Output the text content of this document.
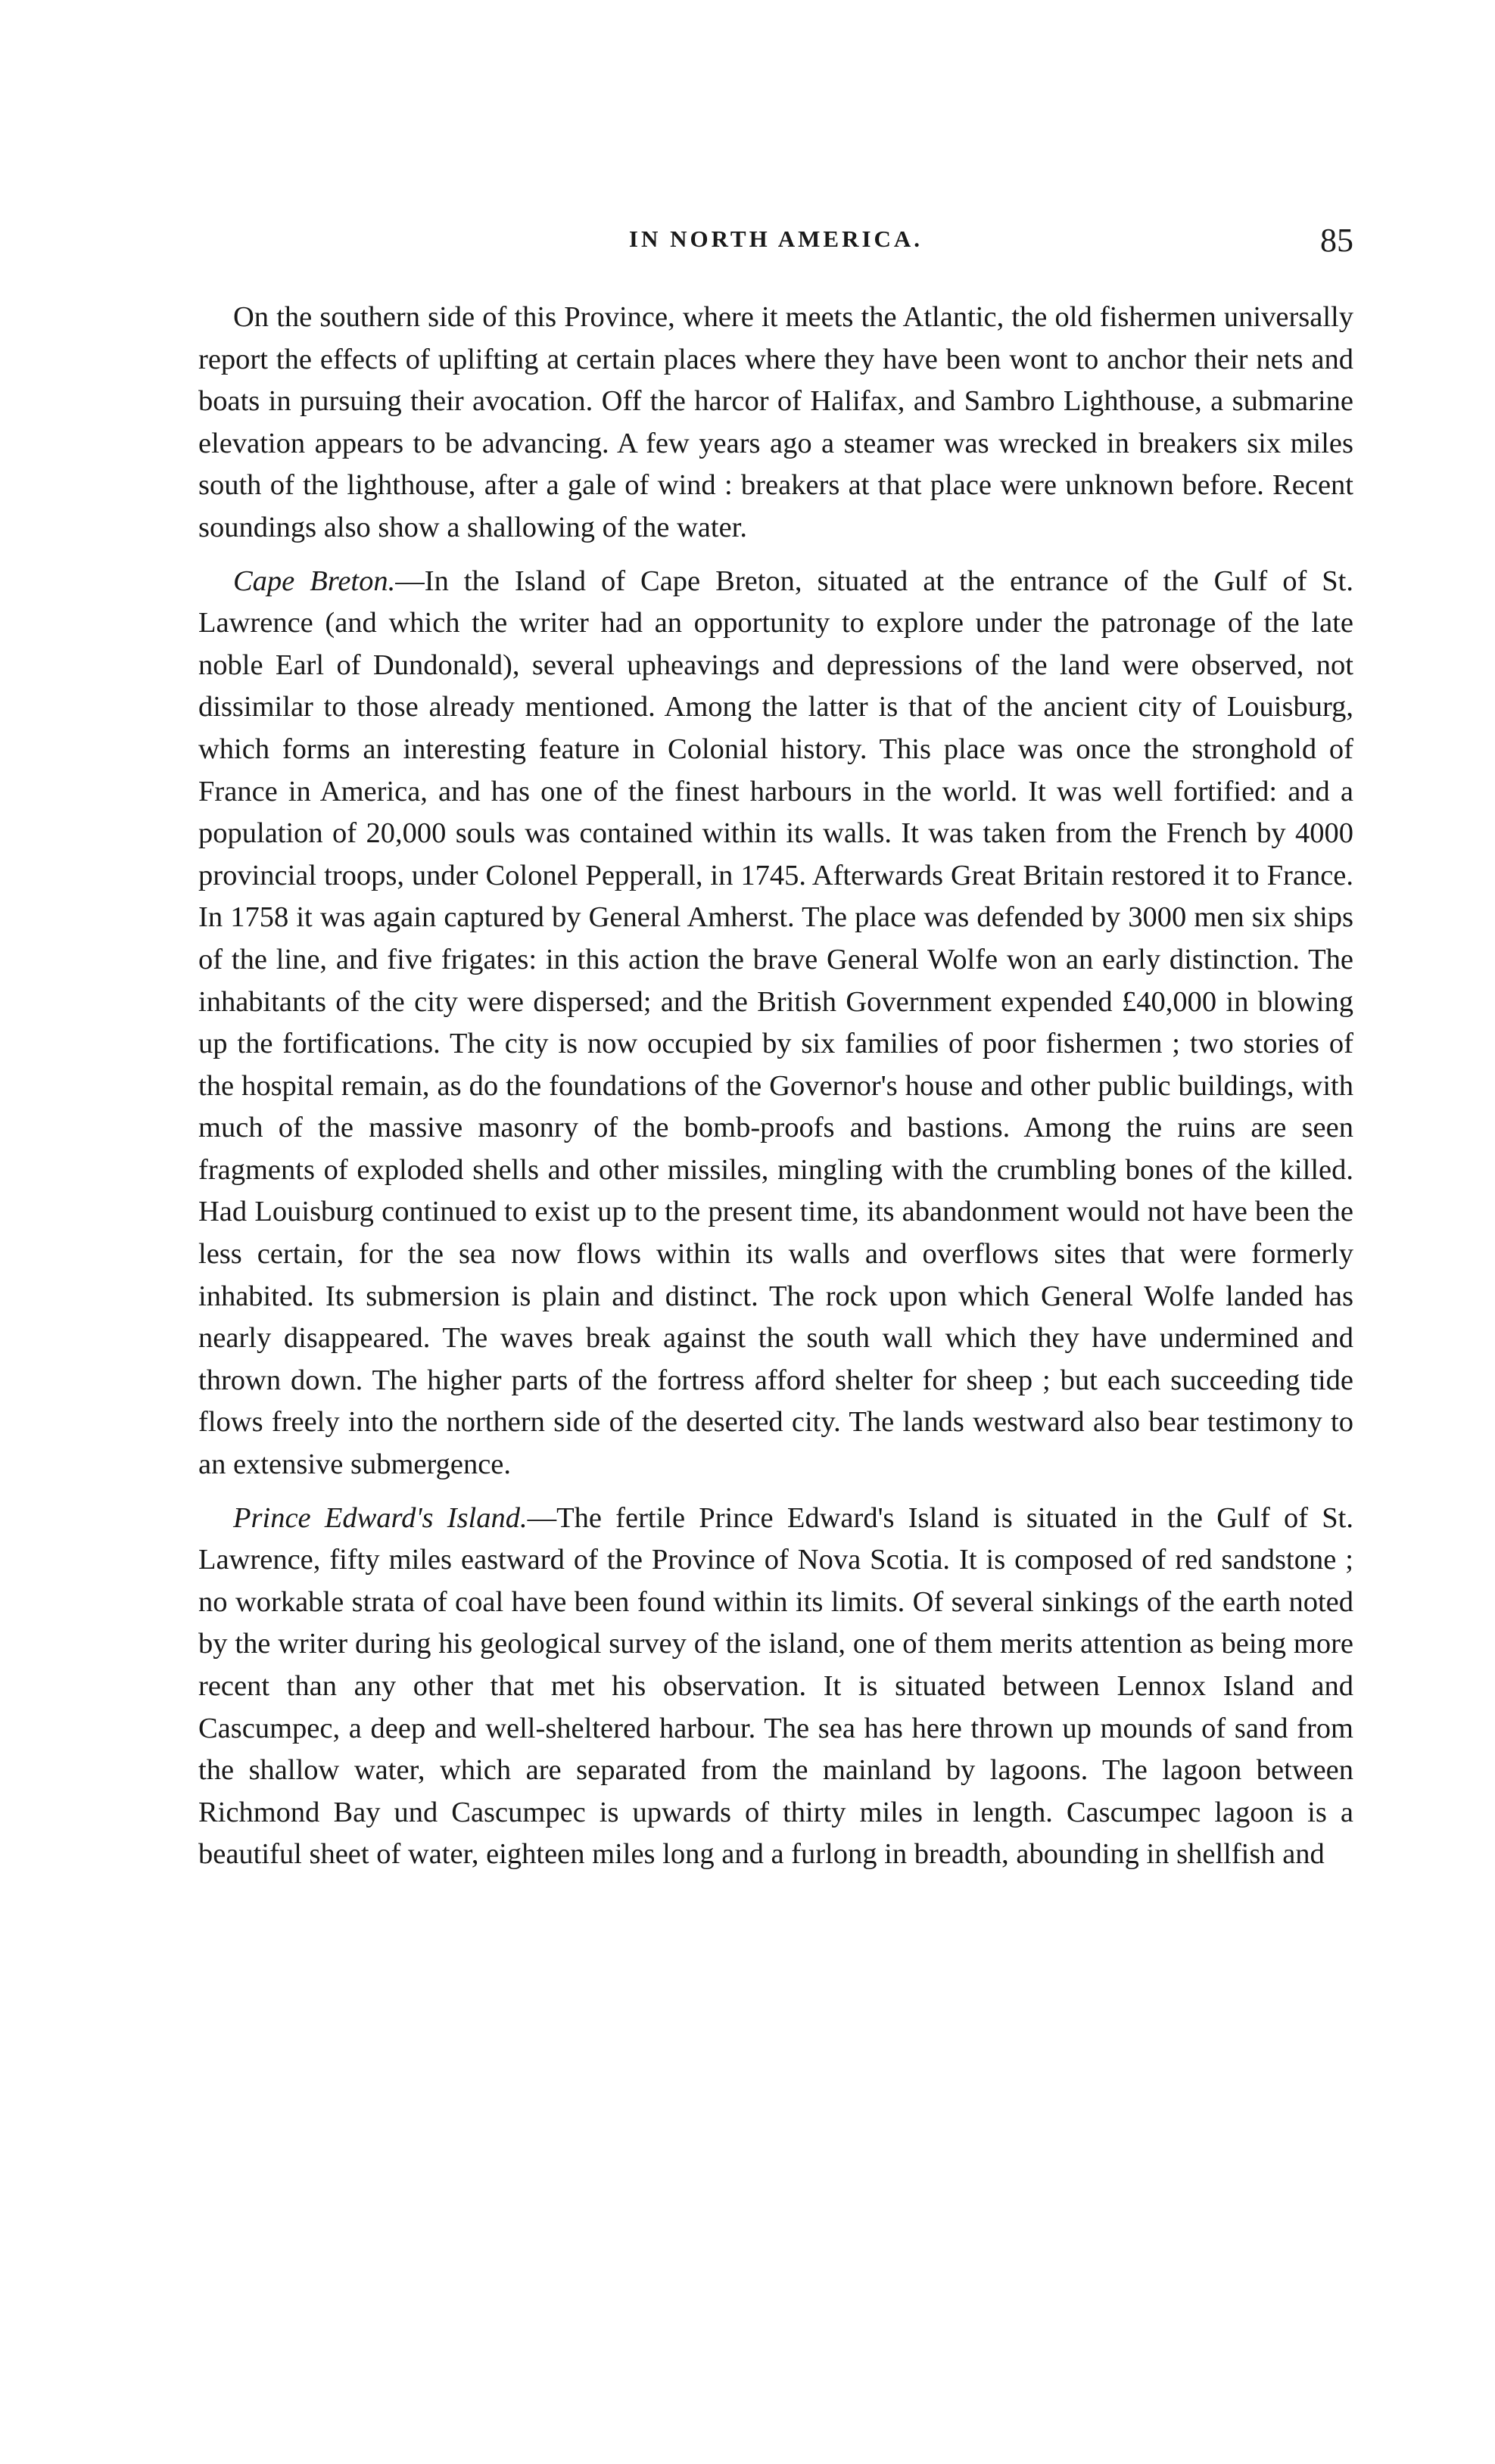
IN NORTH AMERICA.	85

On the southern side of this Province, where it meets the Atlantic, the old fishermen universally report the effects of uplifting at certain places where they have been wont to anchor their nets and boats in pursuing their avocation. Off the harcor of Halifax, and Sambro Lighthouse, a submarine elevation appears to be advancing. A few years ago a steamer was wrecked in breakers six miles south of the lighthouse, after a gale of wind : breakers at that place were unknown before. Recent soundings also show a shallowing of the water.

Cape Breton.—In the Island of Cape Breton, situated at the entrance of the Gulf of St. Lawrence (and which the writer had an opportunity to explore under the patronage of the late noble Earl of Dundonald), several upheavings and depressions of the land were observed, not dissimilar to those already mentioned. Among the latter is that of the ancient city of Louisburg, which forms an interesting feature in Colonial history. This place was once the stronghold of France in America, and has one of the finest harbours in the world. It was well fortified: and a population of 20,000 souls was contained within its walls. It was taken from the French by 4000 provincial troops, under Colonel Pepperall, in 1745. Afterwards Great Britain restored it to France. In 1758 it was again captured by General Amherst. The place was defended by 3000 men six ships of the line, and five frigates: in this action the brave General Wolfe won an early distinction. The inhabitants of the city were dispersed; and the British Government expended £40,000 in blowing up the fortifications. The city is now occupied by six families of poor fishermen ; two stories of the hospital remain, as do the foundations of the Governor's house and other public buildings, with much of the massive masonry of the bomb-proofs and bastions. Among the ruins are seen fragments of exploded shells and other missiles, mingling with the crumbling bones of the killed. Had Louisburg continued to exist up to the present time, its abandonment would not have been the less certain, for the sea now flows within its walls and overflows sites that were formerly inhabited. Its submersion is plain and distinct. The rock upon which General Wolfe landed has nearly disappeared. The waves break against the south wall which they have undermined and thrown down. The higher parts of the fortress afford shelter for sheep ; but each succeeding tide flows freely into the northern side of the deserted city. The lands westward also bear testimony to an extensive submergence.

Prince Edward's Island.—The fertile Prince Edward's Island is situated in the Gulf of St. Lawrence, fifty miles eastward of the Province of Nova Scotia. It is composed of red sandstone ; no workable strata of coal have been found within its limits. Of several sinkings of the earth noted by the writer during his geological survey of the island, one of them merits attention as being more recent than any other that met his observation. It is situated between Lennox Island and Cascumpec, a deep and well-sheltered harbour. The sea has here thrown up mounds of sand from the shallow water, which are separated from the mainland by lagoons. The lagoon between Richmond Bay und Cascumpec is upwards of thirty miles in length. Cascumpec lagoon is a beautiful sheet of water, eighteen miles long and a furlong in breadth, abounding in shellfish and
